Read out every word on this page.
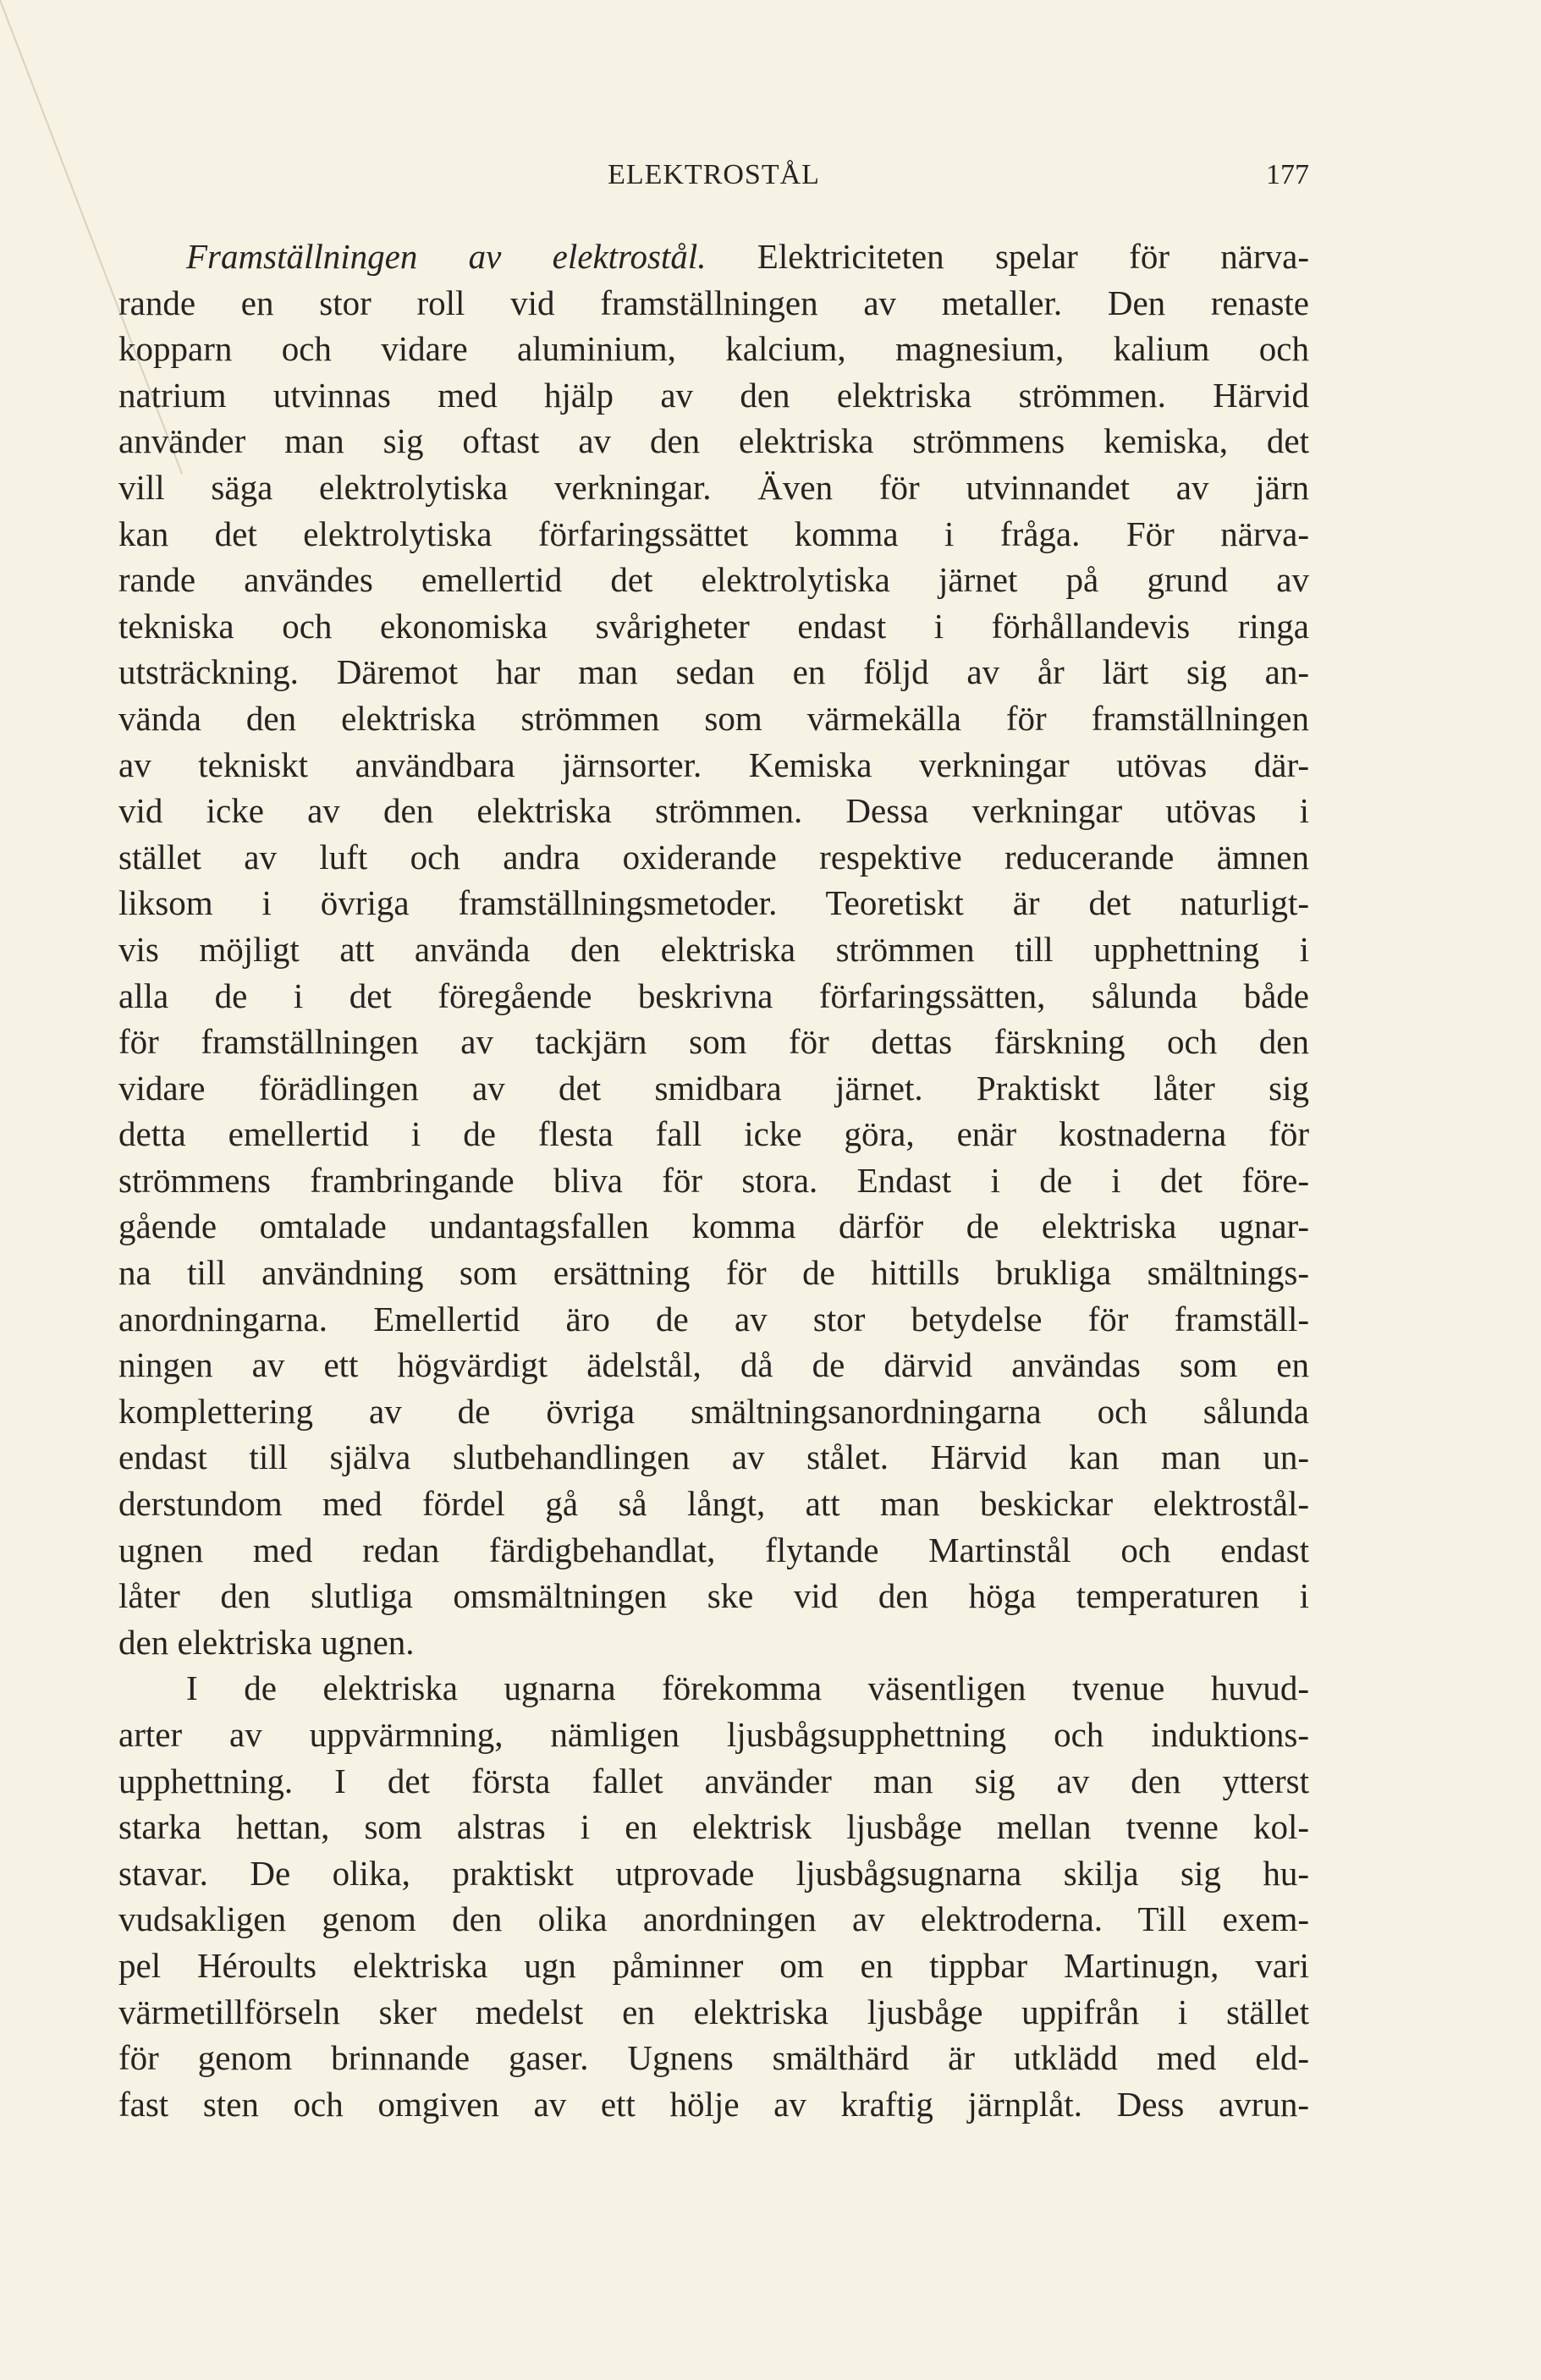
ELEKTROSTÅL	177
Framställningen av elektrostål. Elektriciteten spelar för närva-
rande en stor roll vid framställningen av metaller. Den renaste
kopparn och vidare aluminium, kalcium, magnesium, kalium och
natrium utvinnas med hjälp av den elektriska strömmen. Härvid
använder man sig oftast av den elektriska strömmens kemiska, det
vill säga elektrolytiska verkningar. Även för utvinnandet av järn
kan det elektrolytiska förfaringssättet komma i fråga. För närva-
rande användes emellertid det elektrolytiska järnet på grund av
tekniska och ekonomiska svårigheter endast i förhållandevis ringa
utsträckning. Däremot har man sedan en följd av år lärt sig an-
vända den elektriska strömmen som värmekälla för framställningen
av tekniskt användbara järnsorter. Kemiska verkningar utövas där-
vid icke av den elektriska strömmen. Dessa verkningar utövas i
stället av luft och andra oxiderande respektive reducerande ämnen
liksom i övriga framställningsmetoder. Teoretiskt är det naturligt-
vis möjligt att använda den elektriska strömmen till upphettning i
alla de i det föregående beskrivna förfaringssätten, sålunda både
för framställningen av tackjärn som för dettas färskning och den
vidare förädlingen av det smidbara järnet. Praktiskt låter sig
detta emellertid i de flesta fall icke göra, enär kostnaderna för
strömmens frambringande bliva för stora. Endast i de i det före-
gående omtalade undantagsfallen komma därför de elektriska ugnar-
na till användning som ersättning för de hittills brukliga smältnings-
anordningarna. Emellertid äro de av stor betydelse för framställ-
ningen av ett högvärdigt ädelstål, då de därvid användas som en
komplettering av de övriga smältningsanordningarna och sålunda
endast till själva slutbehandlingen av stålet. Härvid kan man un-
derstundom med fördel gå så långt, att man beskickar elektrostål-
ugnen med redan färdigbehandlat, flytande Martinstål och endast
låter den slutliga omsmältningen ske vid den höga temperaturen i
den elektriska ugnen.
I de elektriska ugnarna förekomma väsentligen tvenue huvud-
arter av uppvärmning, nämligen ljusbågsupphettning och induktions-
upphettning. I det första fallet använder man sig av den ytterst
starka hettan, som alstras i en elektrisk ljusbåge mellan tvenne kol-
stavar. De olika, praktiskt utprovade ljusbågsugnarna skilja sig hu-
vudsakligen genom den olika anordningen av elektroderna. Till exem-
pel Héroults elektriska ugn påminner om en tippbar Martinugn, vari
värmetillförseln sker medelst en elektriska ljusbåge uppifrån i stället
för genom brinnande gaser. Ugnens smälthärd är utklädd med eld-
fast sten och omgiven av ett hölje av kraftig järnplåt. Dess avrun-
